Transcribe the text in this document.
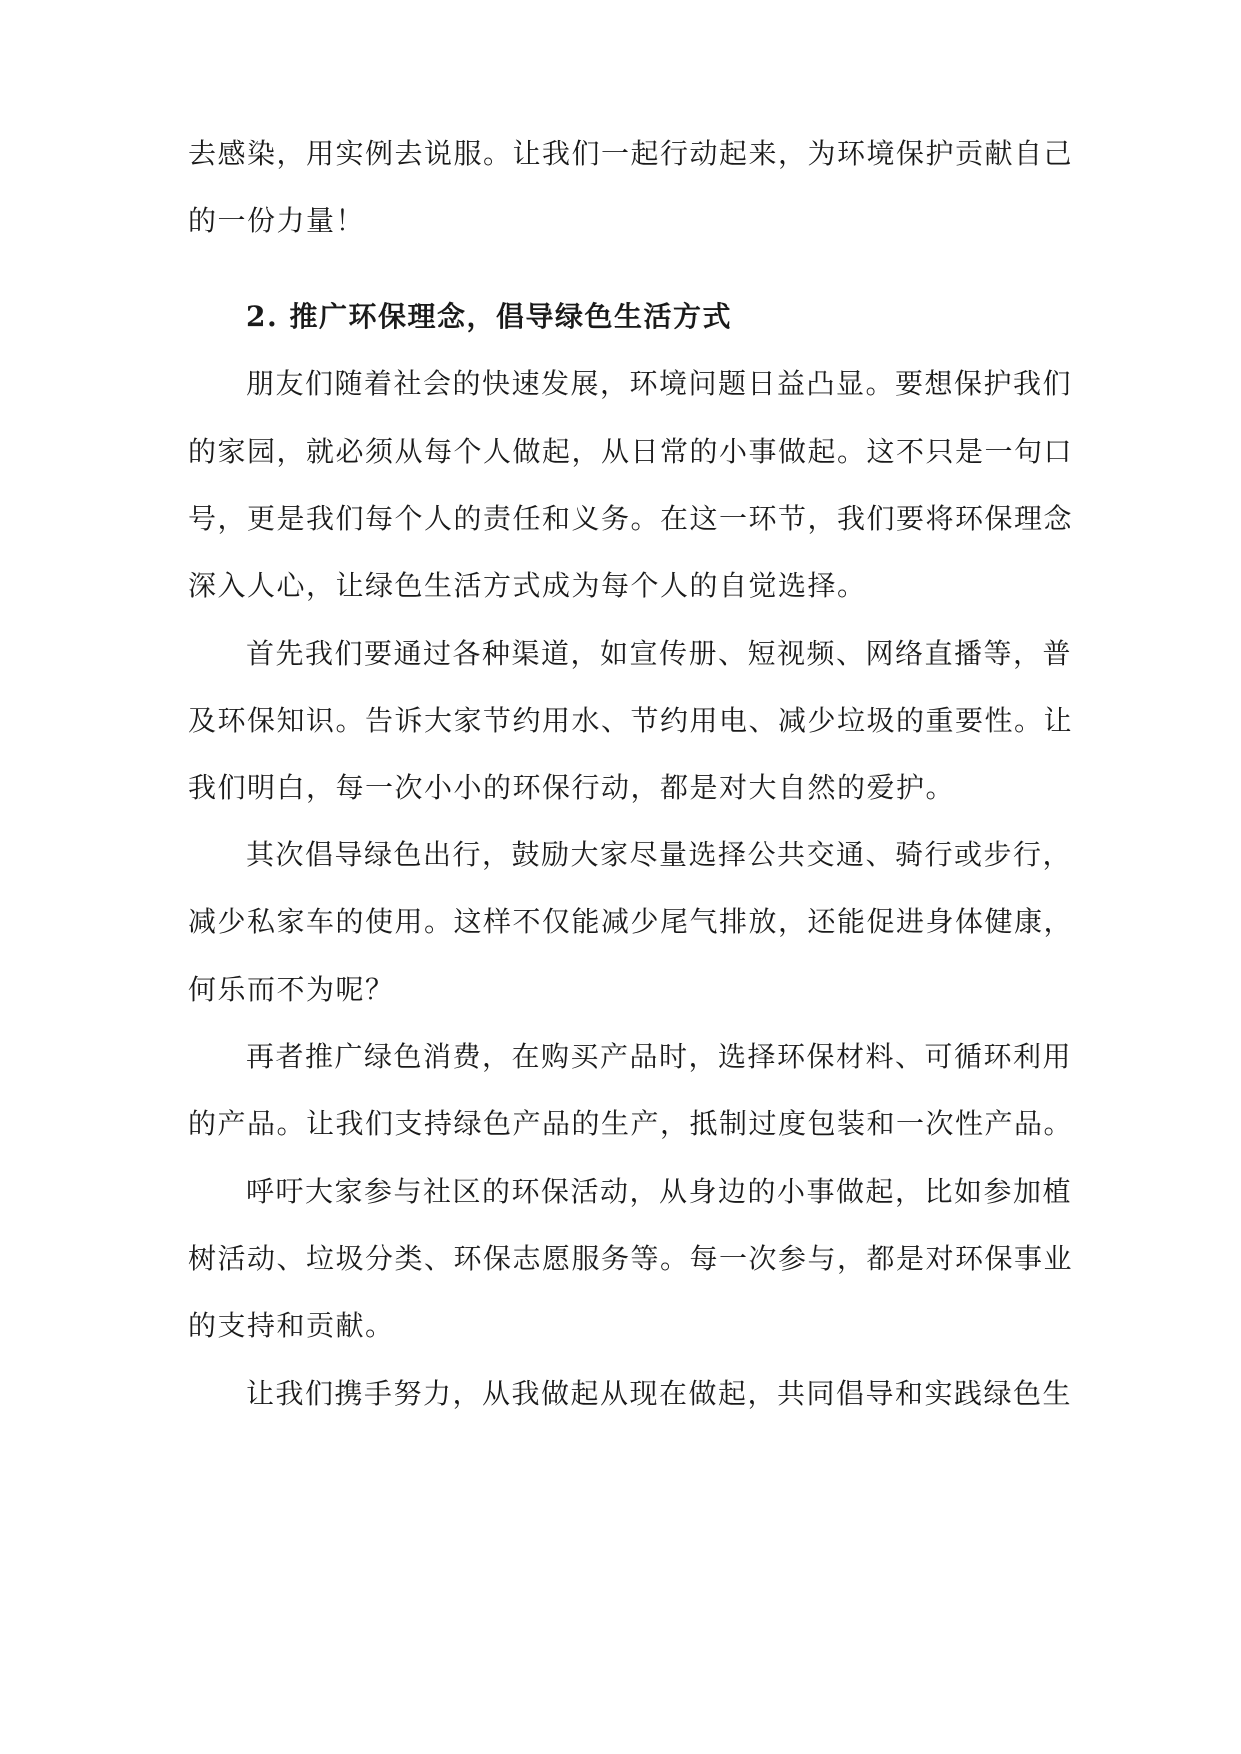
去感染，用实例去说服。让我们一起行动起来，为环境保护贡献自己
的一份力量！
2. 推广环保理念，倡导绿色生活方式
朋友们随着社会的快速发展，环境问题日益凸显。要想保护我们
的家园，就必须从每个人做起，从日常的小事做起。这不只是一句口
号，更是我们每个人的责任和义务。在这一环节，我们要将环保理念
深入人心，让绿色生活方式成为每个人的自觉选择。
首先我们要通过各种渠道，如宣传册、短视频、网络直播等，普
及环保知识。告诉大家节约用水、节约用电、减少垃圾的重要性。让
我们明白，每一次小小的环保行动，都是对大自然的爱护。
其次倡导绿色出行，鼓励大家尽量选择公共交通、骑行或步行，
减少私家车的使用。这样不仅能减少尾气排放，还能促进身体健康，
何乐而不为呢？
再者推广绿色消费，在购买产品时，选择环保材料、可循环利用
的产品。让我们支持绿色产品的生产，抵制过度包装和一次性产品。
呼吁大家参与社区的环保活动，从身边的小事做起，比如参加植
树活动、垃圾分类、环保志愿服务等。每一次参与，都是对环保事业
的支持和贡献。
让我们携手努力，从我做起从现在做起，共同倡导和实践绿色生
